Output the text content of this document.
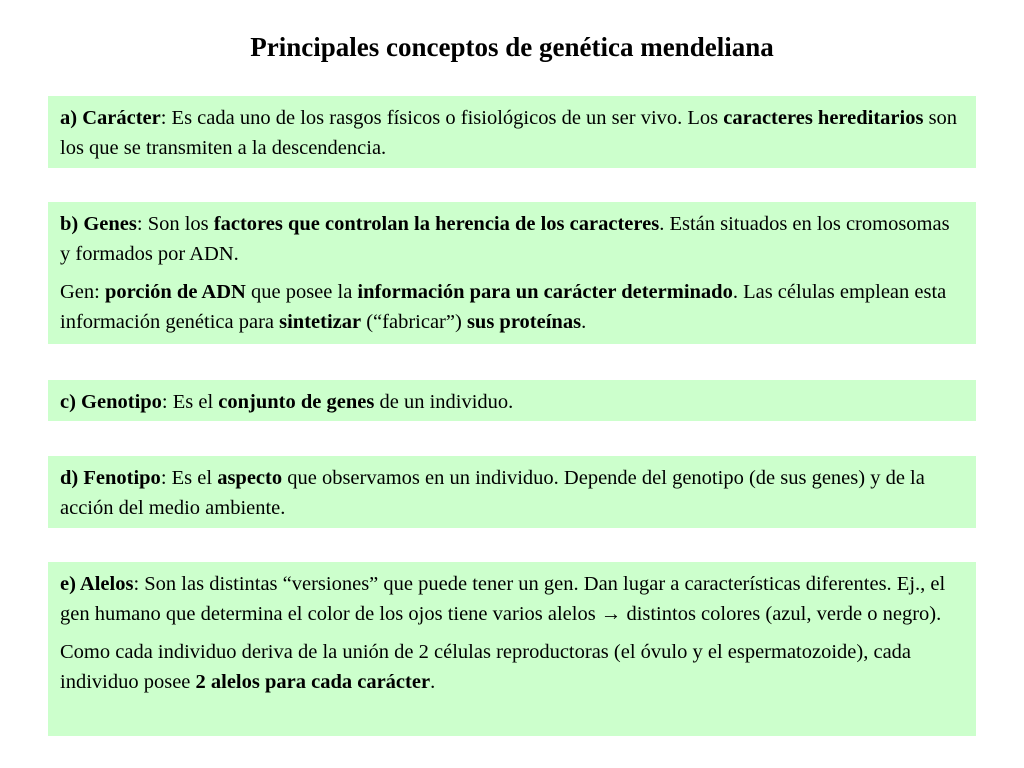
Principales conceptos de genética mendeliana

a) Carácter: Es cada uno de los rasgos físicos o fisiológicos de un ser vivo. Los caracteres hereditarios son los que se transmiten a la descendencia.

b) Genes: Son los factores que controlan la herencia de los caracteres. Están situados en los cromosomas y formados por ADN.

Gen: porción de ADN que posee la información para un carácter determinado. Las células emplean esta información genética para sintetizar (“fabricar”) sus proteínas.

c) Genotipo: Es el conjunto de genes de un individuo.

d) Fenotipo: Es el aspecto que observamos en un individuo. Depende del genotipo (de sus genes) y de la acción del medio ambiente.

e) Alelos: Son las distintas “versiones” que puede tener un gen. Dan lugar a características diferentes. Ej., el gen humano que determina el color de los ojos tiene varios alelos → distintos colores (azul, verde o negro).

Como cada individuo deriva de la unión de 2 células reproductoras (el óvulo y el espermatozoide), cada individuo posee 2 alelos para cada carácter.
